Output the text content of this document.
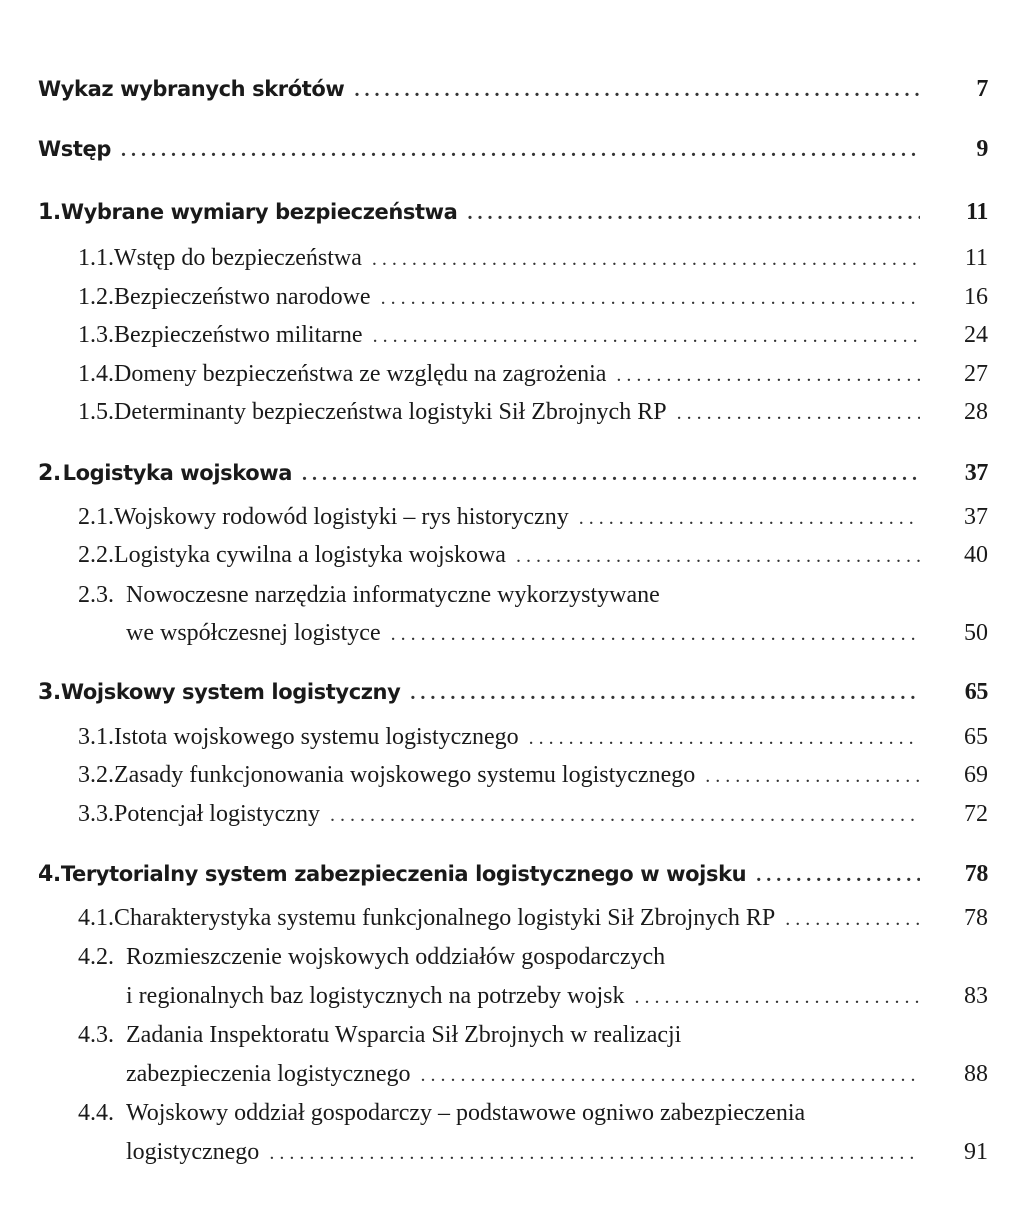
Wykaz wybranych skrótów . . .	7
Wstęp . . .	9
1. Wybrane wymiary bezpieczeństwa . . .	11
1.1. Wstęp do bezpieczeństwa . . .	11
1.2. Bezpieczeństwo narodowe . . .	16
1.3. Bezpieczeństwo militarne . . .	24
1.4. Domeny bezpieczeństwa ze względu na zagrożenia . . .	27
1.5. Determinanty bezpieczeństwa logistyki Sił Zbrojnych RP . . .	28
2. Logistyka wojskowa . . .	37
2.1. Wojskowy rodowód logistyki – rys historyczny . . .	37
2.2. Logistyka cywilna a logistyka wojskowa . . .	40
2.3. Nowoczesne narzędzia informatyczne wykorzystywane
we współczesnej logistyce . . .	50
3. Wojskowy system logistyczny . . .	65
3.1. Istota wojskowego systemu logistycznego . . .	65
3.2. Zasady funkcjonowania wojskowego systemu logistycznego . . .	69
3.3. Potencjał logistyczny . . .	72
4. Terytorialny system zabezpieczenia logistycznego w wojsku . . .	78
4.1. Charakterystyka systemu funkcjonalnego logistyki Sił Zbrojnych RP . . .	78
4.2. Rozmieszczenie wojskowych oddziałów gospodarczych
i regionalnych baz logistycznych na potrzeby wojsk . . .	83
4.3. Zadania Inspektoratu Wsparcia Sił Zbrojnych w realizacji
zabezpieczenia logistycznego . . .	88
4.4. Wojskowy oddział gospodarczy – podstawowe ogniwo zabezpieczenia
logistycznego . . .	91
